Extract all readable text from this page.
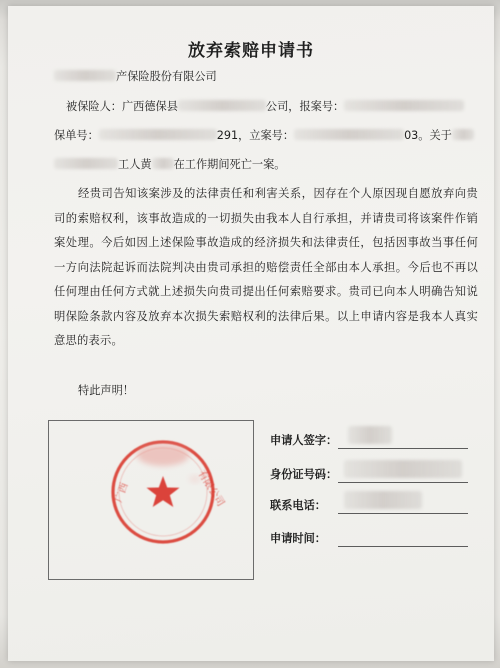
放弃索赔申请书
产保险股份有限公司
被保险人：广西德保县	公司，报案号：
保单号：	291，立案号：	03。关于
工人黄 在工作期间死亡一案。
经贵司告知该案涉及的法律责任和利害关系，因存在个人原因现自愿放弃向贵司的索赔权利，该事故造成的一切损失由我本人自行承担，并请贵司将该案件作销案处理。今后如因上述保险事故造成的经济损失和法律责任，包括因事故当事任何一方向法院起诉而法院判决由贵司承担的赔偿责任全部由本人承担。今后也不再以任何理由任何方式就上述损失向贵司提出任何索赔要求。贵司已向本人明确告知说明保险条款内容及放弃本次损失索赔权利的法律后果。以上申请内容是我本人真实意思的表示。
特此声明！
广西	有限公司
申请人签字：
身份证号码：
联系电话：
申请时间：
